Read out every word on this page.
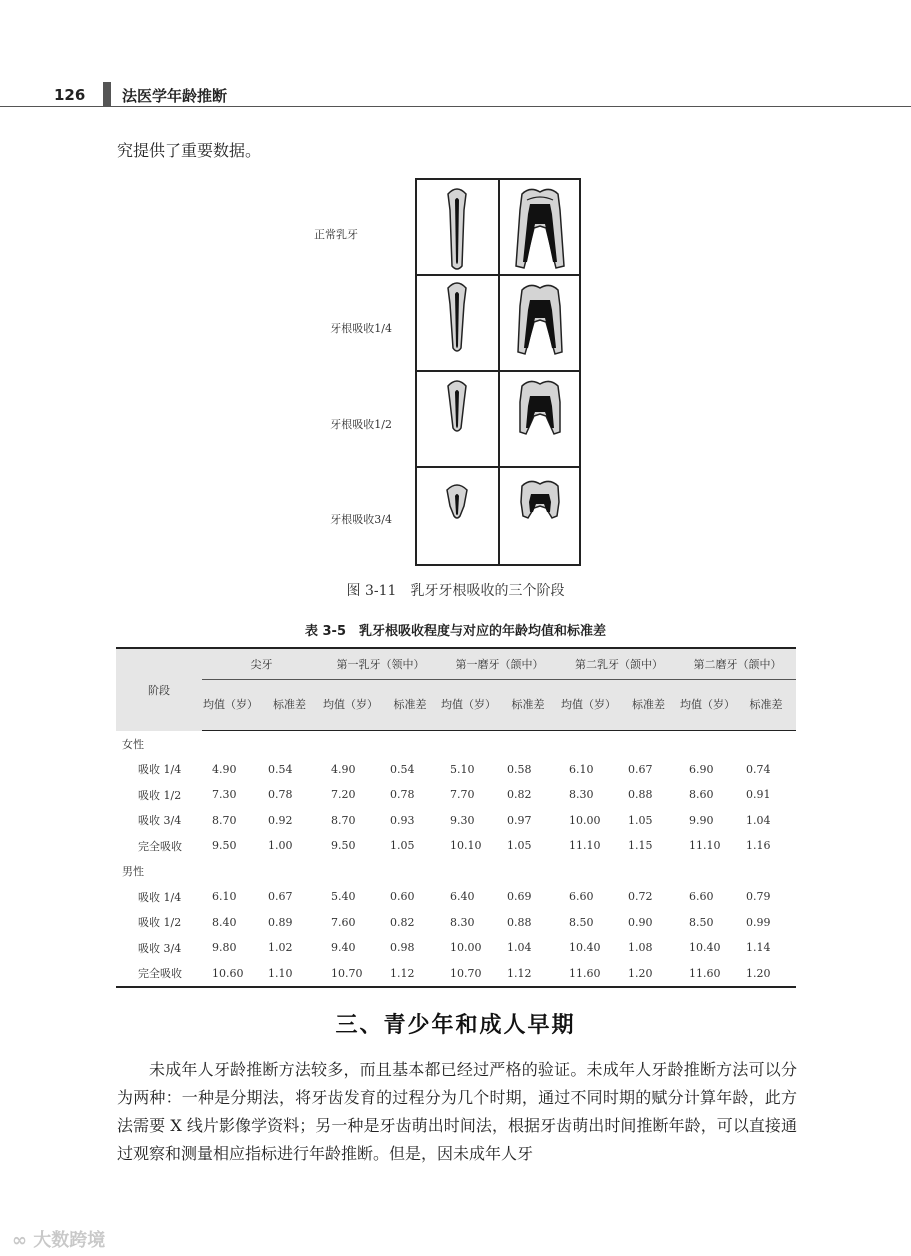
126 法医学年龄推断
究提供了重要数据。
正常乳牙
牙根吸收1/4
牙根吸收1/2
牙根吸收3/4
图 3-11　乳牙牙根吸收的三个阶段
表 3-5　乳牙根吸收程度与对应的年龄均值和标准差
阶段	尖牙		第一乳牙（领中）		第一磨牙（颌中）		第二乳牙（颌中）		第二磨牙（颌中）	
	均值（岁）	标准差	均值（岁）	标准差	均值（岁）	标准差	均值（岁）	标准差	均值（岁）	标准差
女性										
吸收 1/4	4.90	0.54	4.90	0.54	5.10	0.58	6.10	0.67	6.90	0.74
吸收 1/2	7.30	0.78	7.20	0.78	7.70	0.82	8.30	0.88	8.60	0.91
吸收 3/4	8.70	0.92	8.70	0.93	9.30	0.97	10.00	1.05	9.90	1.04
完全吸收	9.50	1.00	9.50	1.05	10.10	1.05	11.10	1.15	11.10	1.16
男性										
吸收 1/4	6.10	0.67	5.40	0.60	6.40	0.69	6.60	0.72	6.60	0.79
吸收 1/2	8.40	0.89	7.60	0.82	8.30	0.88	8.50	0.90	8.50	0.99
吸收 3/4	9.80	1.02	9.40	0.98	10.00	1.04	10.40	1.08	10.40	1.14
完全吸收	10.60	1.10	10.70	1.12	10.70	1.12	11.60	1.20	11.60	1.20
三、青少年和成人早期
未成年人牙龄推断方法较多，而且基本都已经过严格的验证。未成年人牙龄推断方法可以分为两种：一种是分期法，将牙齿发育的过程分为几个时期，通过不同时期的赋分计算年龄，此方法需要 X 线片影像学资料；另一种是牙齿萌出时间法，根据牙齿萌出时间推断年龄，可以直接通过观察和测量相应指标进行年龄推断。但是，因未成年人牙
∞ 大数跨境
